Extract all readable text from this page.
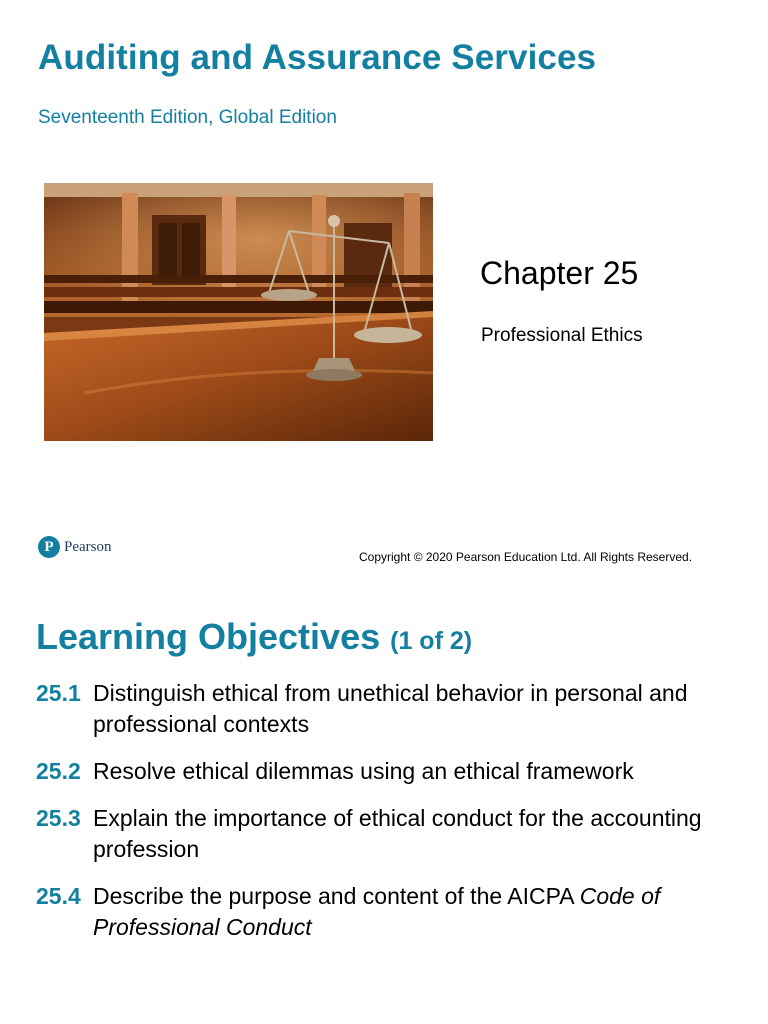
Auditing and Assurance Services
Seventeenth Edition, Global Edition
Chapter 25
Professional Ethics
P Pearson
Copyright © 2020 Pearson Education Ltd. All Rights Reserved.
Learning Objectives (1 of 2)
25.1 Distinguish ethical from unethical behavior in personal and professional contexts
25.2 Resolve ethical dilemmas using an ethical framework
25.3 Explain the importance of ethical conduct for the accounting profession
25.4 Describe the purpose and content of the AICPA Code of Professional Conduct
